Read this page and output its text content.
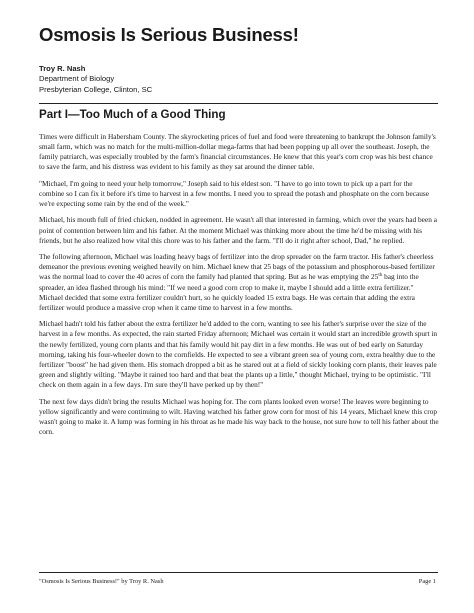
Osmosis Is Serious Business!
Troy R. Nash
Department of Biology
Presbyterian College, Clinton, SC
Part I—Too Much of a Good Thing

Times were difficult in Habersham County. The skyrocketing prices of fuel and food were threatening to bankrupt the Johnson family's small farm, which was no match for the multi-million-dollar mega-farms that had been popping up all over the southeast. Joseph, the family patriarch, was especially troubled by the farm's financial circumstances. He knew that this year's corn crop was his best chance to save the farm, and his distress was evident to his family as they sat around the dinner table.

"Michael, I'm going to need your help tomorrow," Joseph said to his eldest son. "I have to go into town to pick up a part for the combine so I can fix it before it's time to harvest in a few months. I need you to spread the potash and phosphate on the corn because we're expecting some rain by the end of the week."

Michael, his mouth full of fried chicken, nodded in agreement. He wasn't all that interested in farming, which over the years had been a point of contention between him and his father. At the moment Michael was thinking more about the time he'd be missing with his friends, but he also realized how vital this chore was to his father and the farm. "I'll do it right after school, Dad," he replied.

The following afternoon, Michael was loading heavy bags of fertilizer into the drop spreader on the farm tractor. His father's cheerless demeanor the previous evening weighed heavily on him. Michael knew that 25 bags of the potassium and phosphorous-based fertilizer was the normal load to cover the 40 acres of corn the family had planted that spring. But as he was emptying the 25th bag into the spreader, an idea flashed through his mind: "If we need a good corn crop to make it, maybe I should add a little extra fertilizer." Michael decided that some extra fertilizer couldn't hurt, so he quickly loaded 15 extra bags. He was certain that adding the extra fertilizer would produce a massive crop when it came time to harvest in a few months.

Michael hadn't told his father about the extra fertilizer he'd added to the corn, wanting to see his father's surprise over the size of the harvest in a few months. As expected, the rain started Friday afternoon; Michael was certain it would start an incredible growth spurt in the newly fertilized, young corn plants and that his family would hit pay dirt in a few months. He was out of bed early on Saturday morning, taking his four-wheeler down to the cornfields. He expected to see a vibrant green sea of young corn, extra healthy due to the fertilizer "boost" he had given them. His stomach dropped a bit as he stared out at a field of sickly looking corn plants, their leaves pale green and slightly wilting. "Maybe it rained too hard and that beat the plants up a little," thought Michael, trying to be optimistic. "I'll check on them again in a few days. I'm sure they'll have perked up by then!"

The next few days didn't bring the results Michael was hoping for. The corn plants looked even worse! The leaves were beginning to yellow significantly and were continuing to wilt. Having watched his father grow corn for most of his 14 years, Michael knew this crop wasn't going to make it. A lump was forming in his throat as he made his way back to the house, not sure how to tell his father about the corn.

"Osmosis Is Serious Business!" by Troy R. Nash	Page 1
